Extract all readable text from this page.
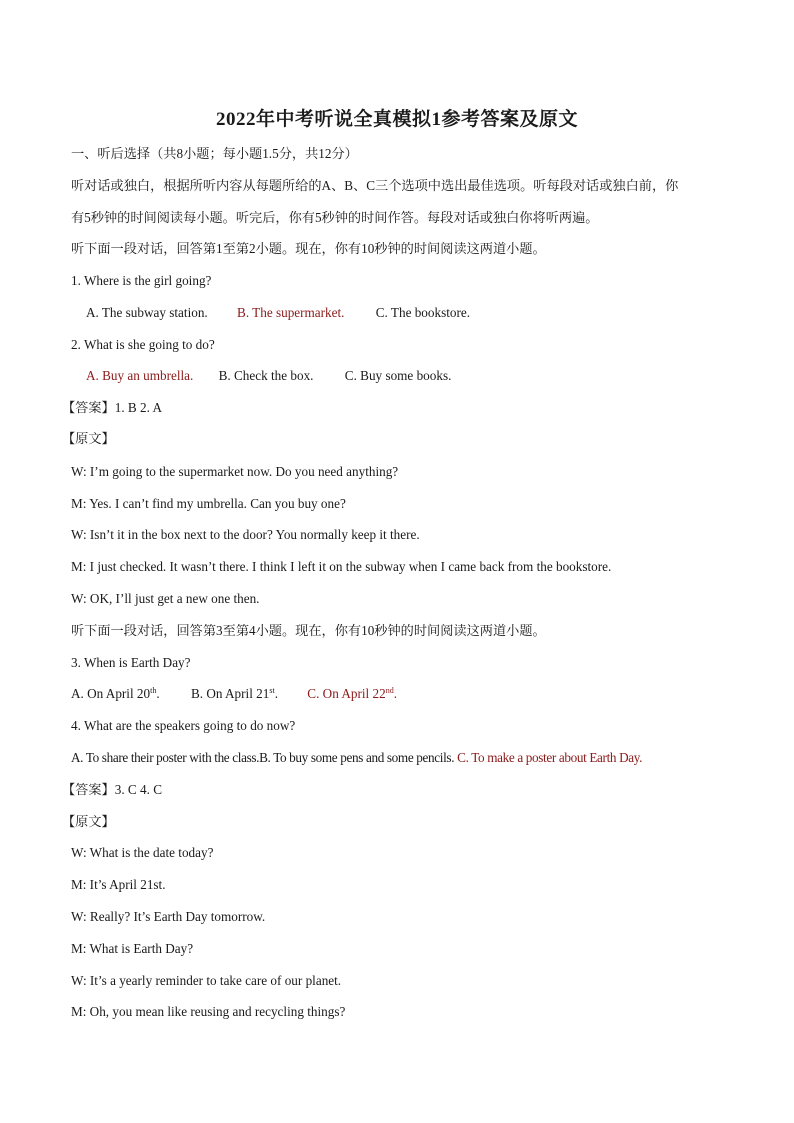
2022年中考听说全真模拟1参考答案及原文
一、听后选择（共8小题；每小题1.5分，共12分）
听对话或独白，根据所听内容从每题所给的A、B、C三个选项中选出最佳选项。听每段对话或独白前，你
有5秒钟的时间阅读每小题。听完后，你有5秒钟的时间作答。每段对话或独白你将听两遍。
听下面一段对话，回答第1至第2小题。现在，你有10秒钟的时间阅读这两道小题。
1. Where is the girl going?
A. The subway station. B. The supermarket. C. The bookstore.
2. What is she going to do?
A. Buy an umbrella. B. Check the box. C. Buy some books.
【答案】1. B 2. A
【原文】
W: I’m going to the supermarket now. Do you need anything?
M: Yes. I can’t find my umbrella. Can you buy one?
W: Isn’t it in the box next to the door? You normally keep it there.
M: I just checked. It wasn’t there. I think I left it on the subway when I came back from the bookstore.
W: OK, I’ll just get a new one then.
听下面一段对话，回答第3至第4小题。现在，你有10秒钟的时间阅读这两道小题。
3. When is Earth Day?
A. On April 20th. B. On April 21st. C. On April 22nd.
4. What are the speakers going to do now?
A. To share their poster with the class.B. To buy some pens and some pencils. C. To make a poster about Earth Day.
【答案】3. C 4. C
【原文】
W: What is the date today?
M: It’s April 21st.
W: Really? It’s Earth Day tomorrow.
M: What is Earth Day?
W: It’s a yearly reminder to take care of our planet.
M: Oh, you mean like reusing and recycling things?
